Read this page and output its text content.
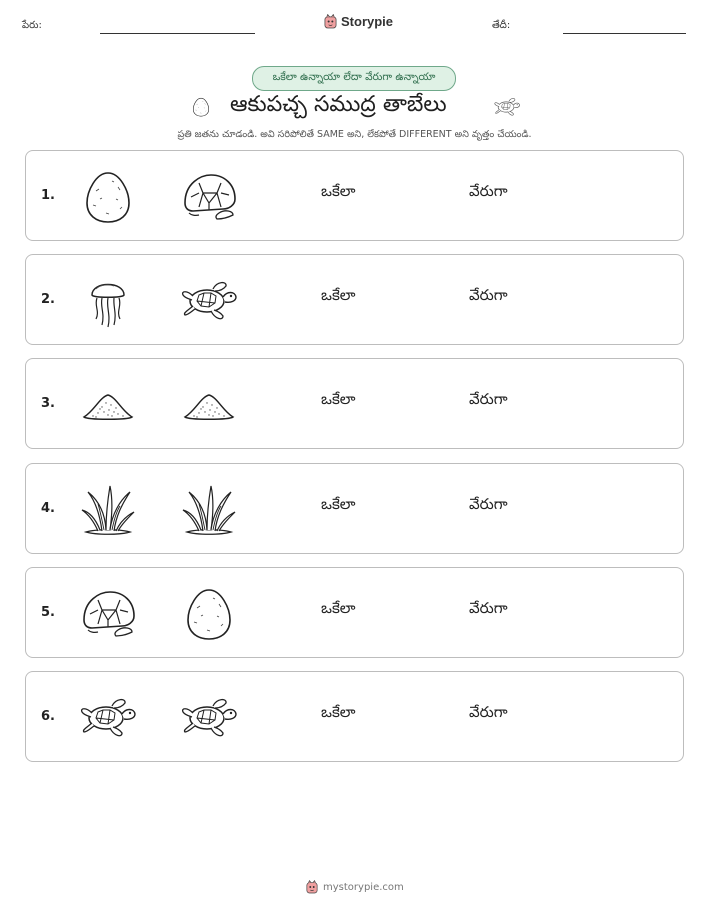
పేరు:	Storypie	తేదీ:
ఒకేలా ఉన్నాయా లేదా వేరుగా ఉన్నాయా
ఆకుపచ్చ సముద్ర తాబేలు
ప్రతి జతను చూడండి. అవి సరిపోలితే SAME అని, లేకపోతే DIFFERENT అని వృత్తం చేయండి.
1.	ఒకేలా	వేరుగా
2.	ఒకేలా	వేరుగా
3.	ఒకేలా	వేరుగా
4.	ఒకేలా	వేరుగా
5.	ఒకేలా	వేరుగా
6.	ఒకేలా	వేరుగా
mystorypie.com
